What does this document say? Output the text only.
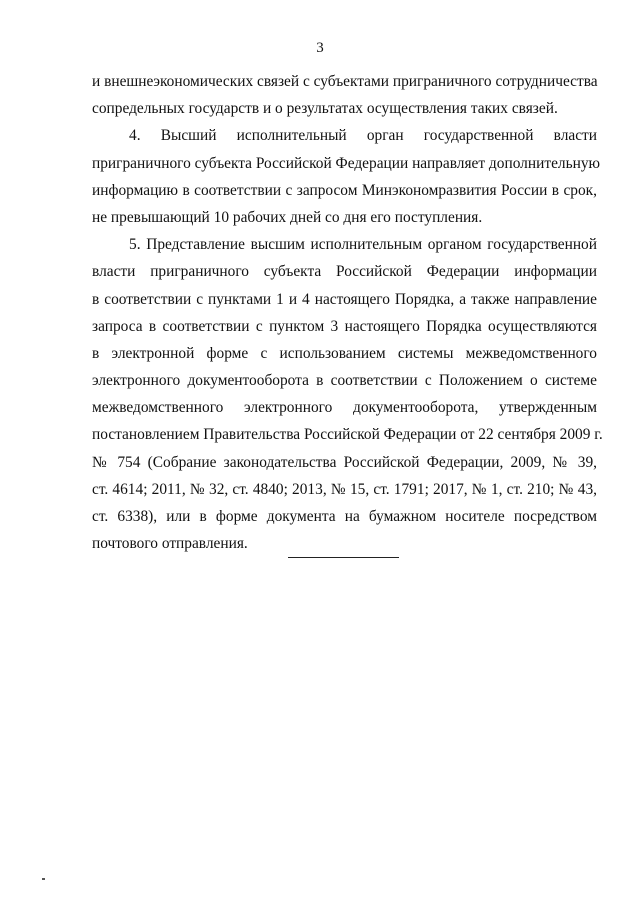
3
и внешнеэкономических связей с субъектами приграничного сотрудничества
сопредельных государств и о результатах осуществления таких связей.
4. Высший исполнительный орган государственной власти
приграничного субъекта Российской Федерации направляет дополнительную
информацию в соответствии с запросом Минэкономразвития России в срок,
не превышающий 10 рабочих дней со дня его поступления.
5. Представление высшим исполнительным органом государственной
власти приграничного субъекта Российской Федерации информации
в соответствии с пунктами 1 и 4 настоящего Порядка, а также направление
запроса в соответствии с пунктом 3 настоящего Порядка осуществляются
в электронной форме с использованием системы межведомственного
электронного документооборота в соответствии с Положением о системе
межведомственного электронного документооборота, утвержденным
постановлением Правительства Российской Федерации от 22 сентября 2009 г.
№ 754 (Собрание законодательства Российской Федерации, 2009, № 39,
ст. 4614; 2011, № 32, ст. 4840; 2013, № 15, ст. 1791; 2017, № 1, ст. 210; № 43,
ст. 6338), или в форме документа на бумажном носителе посредством
почтового отправления.
